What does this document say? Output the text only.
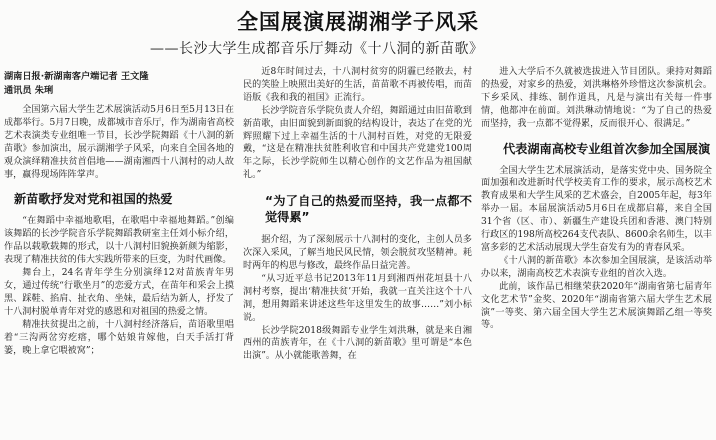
全国展演展湖湘学子风采
——长沙大学生成都音乐厅舞动《十八洞的新苗歌》
湖南日报·新湖南客户端记者 王文隆
通讯员 朱琍

全国第六届大学生艺术展演活动5月6日至5月13日在成都举行。5月7日晚，成都城市音乐厅，作为湖南省高校艺术表演类专业组唯一节目，长沙学院舞蹈《十八洞的新苗歌》参加演出，展示湖湘学子风采，向来自全国各地的观众演绎精准扶贫首倡地——湖南湘西十八洞村的动人故事，赢得现场阵阵掌声。

新苗歌抒发对党和祖国的热爱

“在舞蹈中幸福地歌唱，在歌唱中幸福地舞蹈。”创编该舞蹈的长沙学院音乐学院舞蹈教研室主任刘小标介绍，作品以载歌载舞的形式，以十八洞村旧貌换新颜为缩影，表现了精准扶贫的伟大实践所带来的巨变，为时代画像。

舞台上，24名青年学生分别演绎12对苗族青年男女，通过传统“行歌坐月”的恋爱方式，在苗年和采会上摸黑、踩鞋、掐肩、扯衣角、坐妹，最后结为新人，抒发了十八洞村脱单青年对党的感恩和对祖国的热爱之情。

精准扶贫提出之前，十八洞村经济落后，苗语歌里唱着“三沟两岔穷疙瘩，哪个姑娘肯嫁他，白天手活打背篓，晚上拿它喂被窝”；

近8年时间过去，十八洞村贫穷的阴霾已经散去，村民的笑脸上映照出美好的生活，苗苗歌不再被传唱，而苗语版《我和我的祖国》正流行。

长沙学院音乐学院负责人介绍，舞蹈通过由旧苗歌到新苗歌，由旧面貌到新面貌的结构设计，表达了在党的光辉照耀下过上幸福生活的十八洞村百姓，对党的无限爱戴，“这是在精准扶贫胜利收官和中国共产党建党100周年之际，长沙学院师生以精心创作的文艺作品为祖国献礼。”

“为了自己的热爱而坚持，我一点都不觉得累”

据介绍，为了深刻展示十八洞村的变化，主创人员多次深入采风，了解当地民风民情，领会脱贫攻坚精神。耗时两年的构思与修改，最终作品日益完善。

“从习近平总书记2013年11月到湘西州花垣县十八洞村考察，提出‘精准扶贫’开始，我就一直关注这个十八洞，想用舞蹈来讲述这些年这里发生的故事……”刘小标说。

长沙学院2018级舞蹈专业学生刘洪琳，就是来自湘西州的苗族青年，在《十八洞的新苗歌》里可谓是“本色出演”。从小就能歌善舞，在

进入大学后不久就被选拔进入节目团队。秉持对舞蹈的热爱，对家乡的热爱，刘洪琳格外珍惜这次参演机会。下乡采风、排练、制作道具，凡是与演出有关每一件事情，他都冲在前面。刘洪琳动情地说：“为了自己的热爱而坚持，我一点都不觉得累，反而很开心、很满足。”

代表湖南高校专业组首次参加全国展演

全国大学生艺术展演活动，是落实党中央、国务院全面加强和改进新时代学校美育工作的要求，展示高校艺术教育成果和大学生风采的艺术盛会，自2005年起，每3年举办一届。本届展演活动5月6日在成都启幕，来自全国31个省（区、市）、新疆生产建设兵团和香港、澳门特别行政区的198所高校264支代表队、8600余名师生，以丰富多彩的艺术活动展现大学生奋发有为的青春风采。

《十八洞的新苗歌》本次参加全国展演，是该活动举办以来，湖南高校艺术表演专业组的首次入选。

此前，该作品已相继荣获2020年“湖南省第七届青年文化艺术节”金奖、2020年“湖南省第六届大学生艺术展演”一等奖、第六届全国大学生艺术展演舞蹈乙组一等奖等。
